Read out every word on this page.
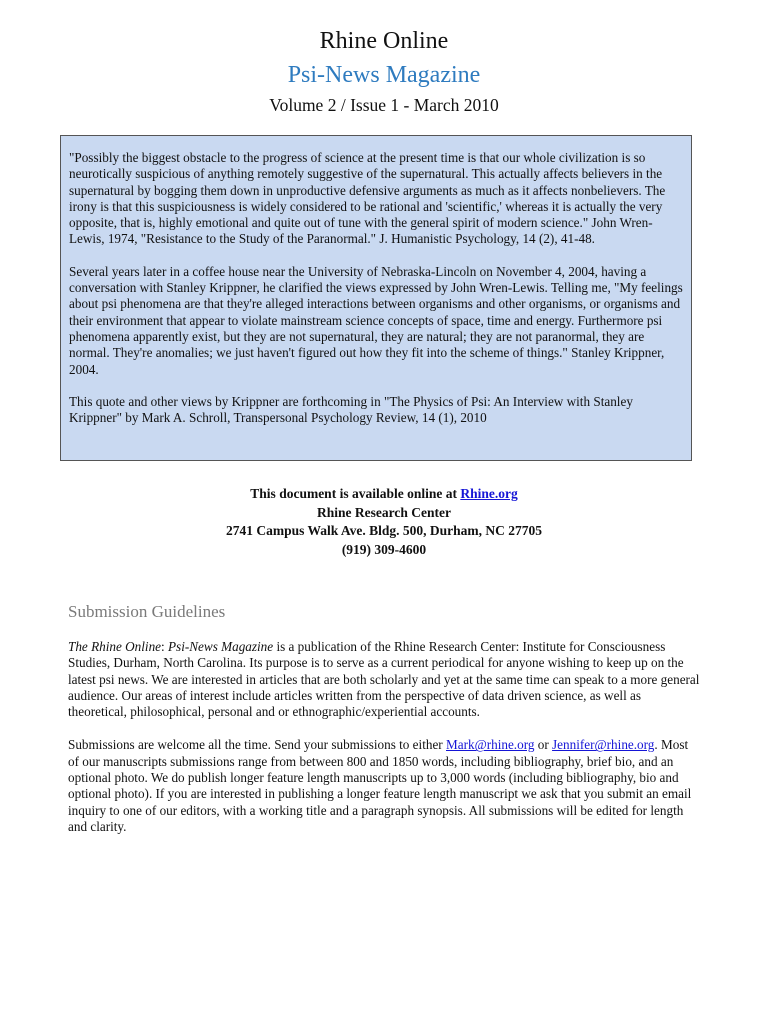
Rhine Online
Psi-News Magazine
Volume 2 / Issue 1 - March 2010

"Possibly the biggest obstacle to the progress of science at the present time is that our whole civilization is so neurotically suspicious of anything remotely suggestive of the supernatural. This actually affects believers in the supernatural by bogging them down in unproductive defensive arguments as much as it affects nonbelievers. The irony is that this suspiciousness is widely considered to be rational and 'scientific,' whereas it is actually the very opposite, that is, highly emotional and quite out of tune with the general spirit of modern science." John Wren-Lewis, 1974, "Resistance to the Study of the Paranormal." J. Humanistic Psychology, 14 (2), 41-48.

Several years later in a coffee house near the University of Nebraska-Lincoln on November 4, 2004, having a conversation with Stanley Krippner, he clarified the views expressed by John Wren-Lewis. Telling me, "My feelings about psi phenomena are that they're alleged interactions between organisms and other organisms, or organisms and their environment that appear to violate mainstream science concepts of space, time and energy. Furthermore psi phenomena apparently exist, but they are not supernatural, they are natural; they are not paranormal, they are normal. They're anomalies; we just haven't figured out how they fit into the scheme of things." Stanley Krippner, 2004.

This quote and other views by Krippner are forthcoming in "The Physics of Psi: An Interview with Stanley Krippner" by Mark A. Schroll, Transpersonal Psychology Review, 14 (1), 2010

This document is available online at Rhine.org
Rhine Research Center
2741 Campus Walk Ave. Bldg. 500, Durham, NC 27705
(919) 309-4600
Submission Guidelines

The Rhine Online: Psi-News Magazine is a publication of the Rhine Research Center: Institute for Consciousness Studies, Durham, North Carolina. Its purpose is to serve as a current periodical for anyone wishing to keep up on the latest psi news. We are interested in articles that are both scholarly and yet at the same time can speak to a more general audience. Our areas of interest include articles written from the perspective of data driven science, as well as theoretical, philosophical, personal and or ethnographic/experiential accounts.

Submissions are welcome all the time. Send your submissions to either Mark@rhine.org or Jennifer@rhine.org. Most of our manuscripts submissions range from between 800 and 1850 words, including bibliography, brief bio, and an optional photo. We do publish longer feature length manuscripts up to 3,000 words (including bibliography, bio and optional photo). If you are interested in publishing a longer feature length manuscript we ask that you submit an email inquiry to one of our editors, with a working title and a paragraph synopsis. All submissions will be edited for length and clarity.
